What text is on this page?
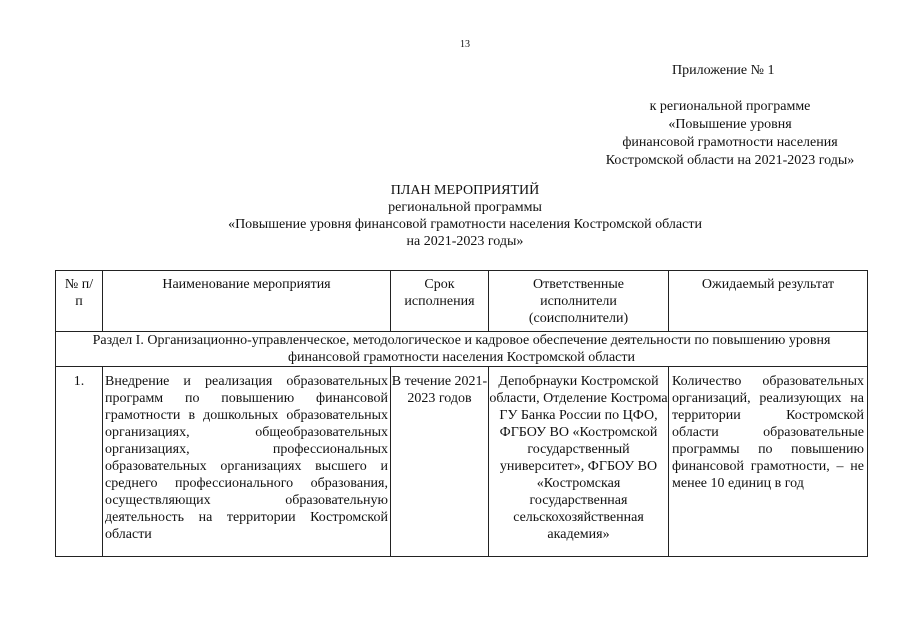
13
Приложение № 1
к региональной программе
«Повышение уровня
финансовой грамотности населения
Костромской области на 2021-2023 годы»
ПЛАН МЕРОПРИЯТИЙ
региональной программы
«Повышение уровня финансовой грамотности населения Костромской области
на 2021-2023 годы»
№ п/п	Наименование мероприятия	Срок исполнения	Ответственные исполнители (соисполнители)	Ожидаемый результат
Раздел I. Организационно-управленческое, методологическое и кадровое обеспечение деятельности по повышению уровня финансовой грамотности населения Костромской области				
1.	Внедрение и реализация образовательных программ по повышению финансовой грамотности в дошкольных образовательных организациях, общеобразовательных организациях, профессиональных образовательных организациях высшего и среднего профессионального образования, осуществляющих образовательную деятельность на территории Костромской области	В течение 2021-2023 годов	Депобрнауки Костромской области, Отделение Кострома ГУ Банка России по ЦФО, ФГБОУ ВО «Костромской государственный университет», ФГБОУ ВО «Костромская государственная сельскохозяйственная академия»	Количество образовательных организаций, реализующих на территории Костромской области образовательные программы по повышению финансовой грамотности, – не менее 10 единиц в год
